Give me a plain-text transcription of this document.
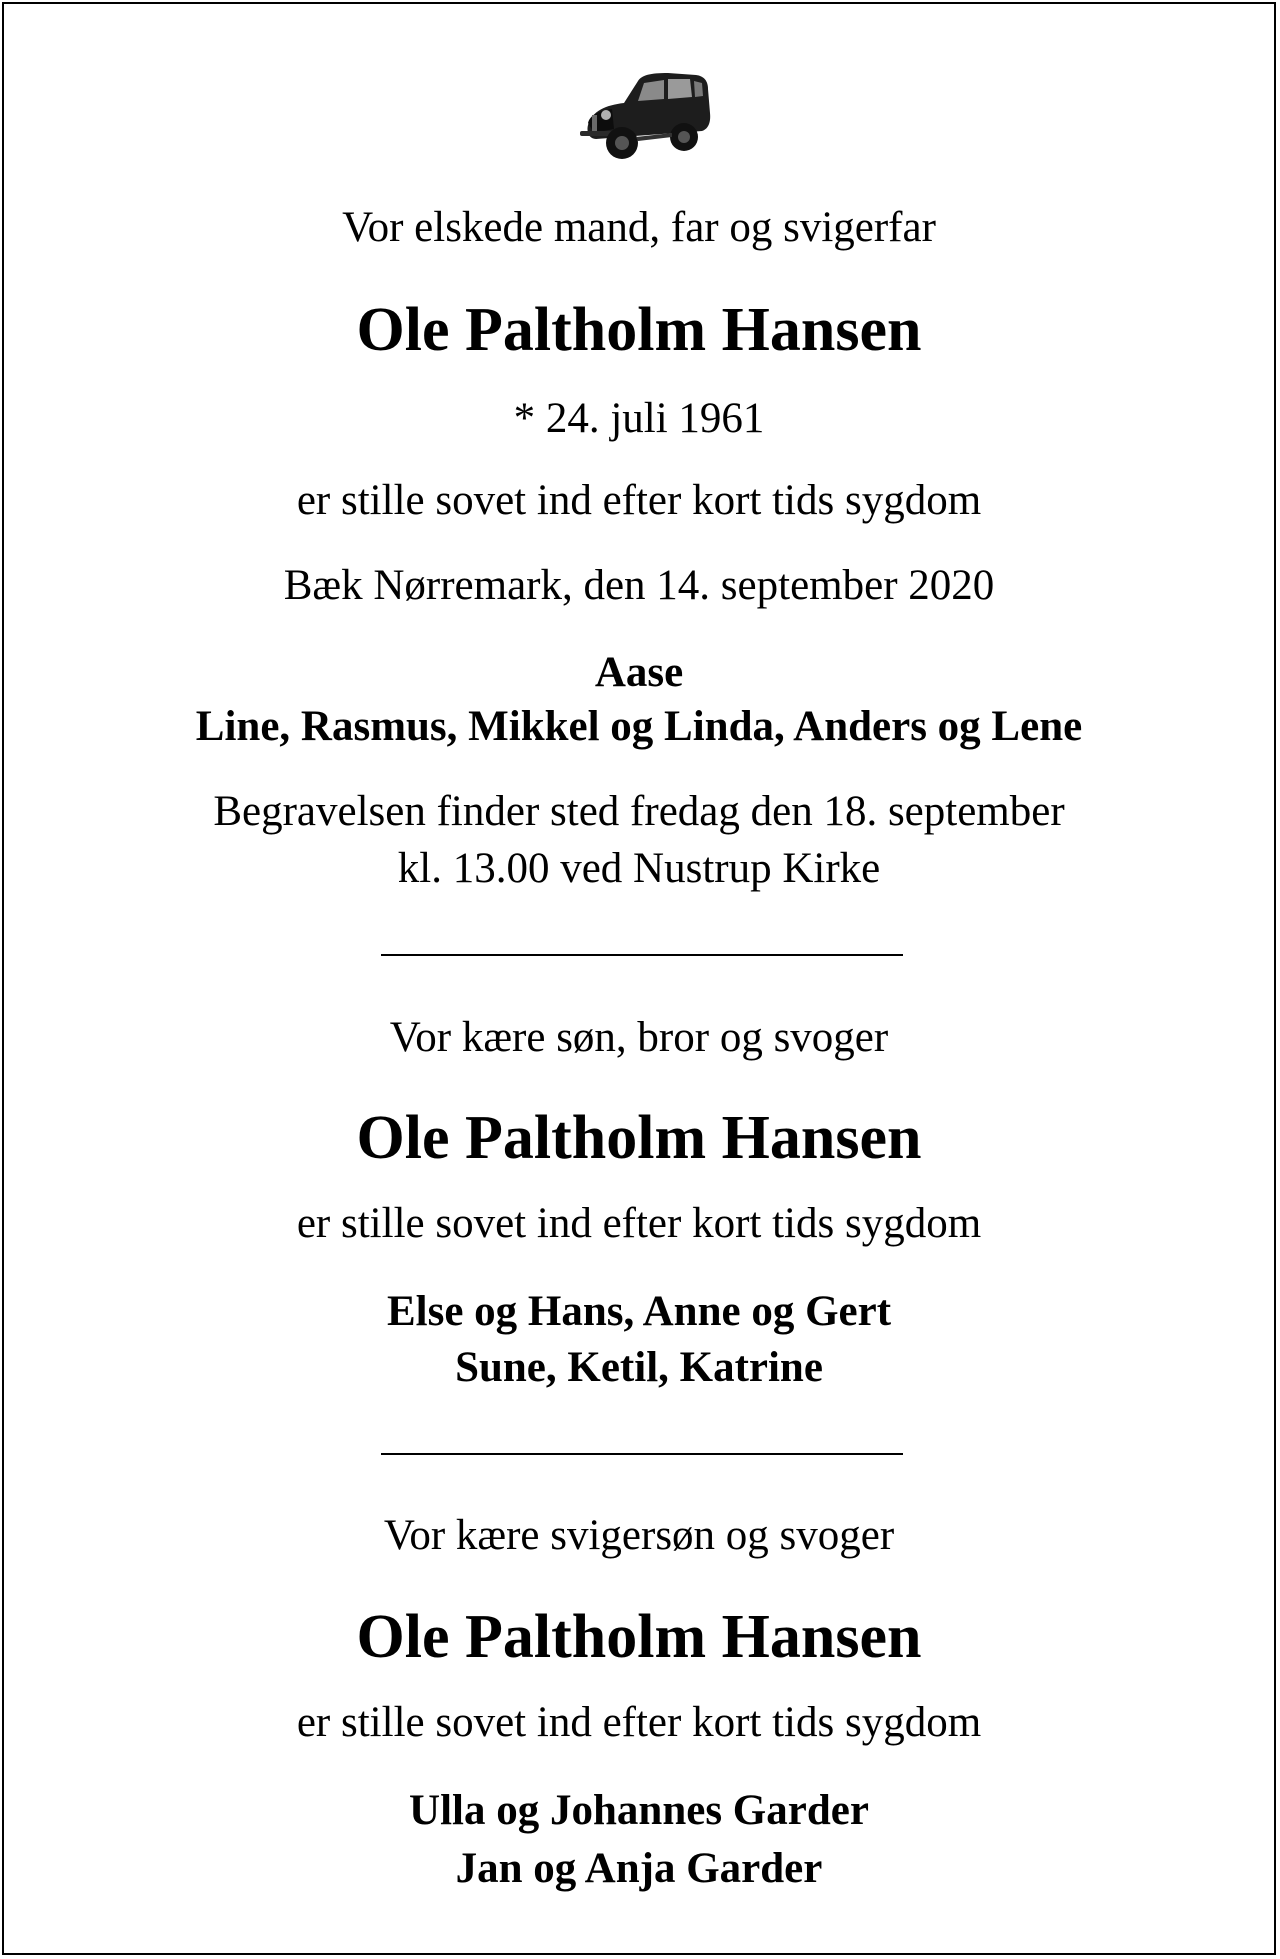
Vor elskede mand, far og svigerfar
Ole Paltholm Hansen
* 24. juli 1961
er stille sovet ind efter kort tids sygdom
Bæk Nørremark, den 14. september 2020
Aase
Line, Rasmus, Mikkel og Linda, Anders og Lene
Begravelsen finder sted fredag den 18. september
kl. 13.00 ved Nustrup Kirke
Vor kære søn, bror og svoger
Ole Paltholm Hansen
er stille sovet ind efter kort tids sygdom
Else og Hans, Anne og Gert
Sune, Ketil, Katrine
Vor kære svigersøn og svoger
Ole Paltholm Hansen
er stille sovet ind efter kort tids sygdom
Ulla og Johannes Garder
Jan og Anja Garder
